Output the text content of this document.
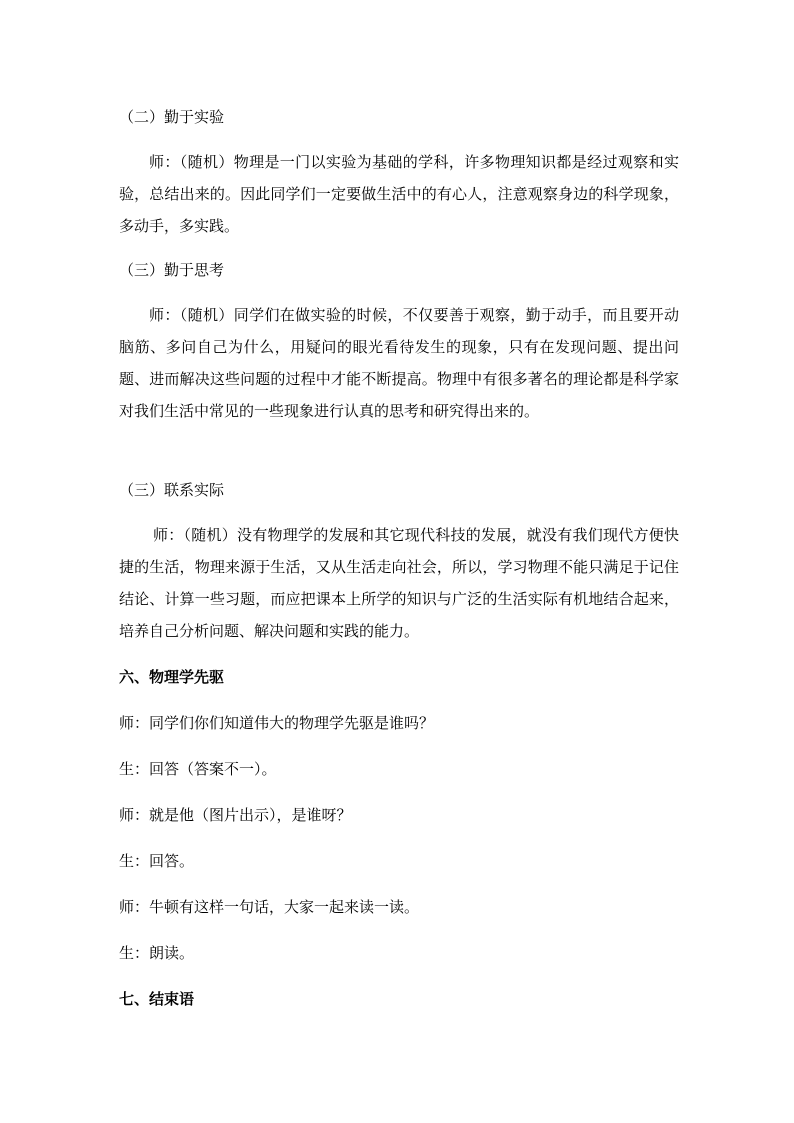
（二）勤于实验
师：（随机）物理是一门以实验为基础的学科，许多物理知识都是经过观察和实验，总结出来的。因此同学们一定要做生活中的有心人，注意观察身边的科学现象，多动手，多实践。
（三）勤于思考
师：（随机）同学们在做实验的时候，不仅要善于观察，勤于动手，而且要开动脑筋、多问自己为什么，用疑问的眼光看待发生的现象，只有在发现问题、提出问题、进而解决这些问题的过程中才能不断提高。物理中有很多著名的理论都是科学家对我们生活中常见的一些现象进行认真的思考和研究得出来的。
（三）联系实际
师：（随机）没有物理学的发展和其它现代科技的发展，就没有我们现代方便快捷的生活，物理来源于生活，又从生活走向社会，所以，学习物理不能只满足于记住结论、计算一些习题，而应把课本上所学的知识与广泛的生活实际有机地结合起来，培养自己分析问题、解决问题和实践的能力。
六、物理学先驱
师：同学们你们知道伟大的物理学先驱是谁吗？
生：回答（答案不一）。
师：就是他（图片出示），是谁呀？
生：回答。
师：牛顿有这样一句话，大家一起来读一读。
生：朗读。
七、结束语
